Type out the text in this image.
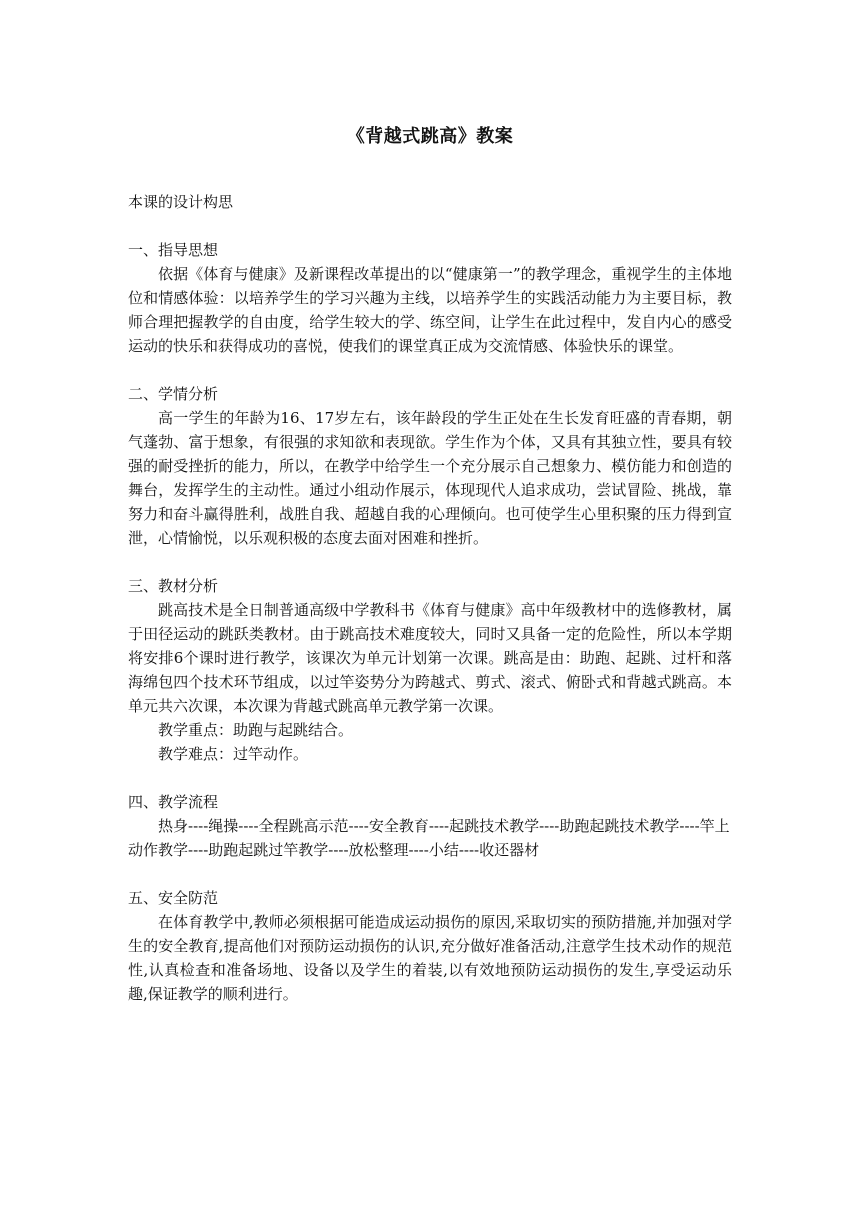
《背越式跳高》教案

本课的设计构思

一、指导思想

依据《体育与健康》及新课程改革提出的以“健康第一”的教学理念，重视学生的主体地位和情感体验：以培养学生的学习兴趣为主线，以培养学生的实践活动能力为主要目标，教师合理把握教学的自由度，给学生较大的学、练空间，让学生在此过程中，发自内心的感受运动的快乐和获得成功的喜悦，使我们的课堂真正成为交流情感、体验快乐的课堂。

二、学情分析

高一学生的年龄为16、17岁左右，该年龄段的学生正处在生长发育旺盛的青春期，朝气蓬勃、富于想象，有很强的求知欲和表现欲。学生作为个体，又具有其独立性，要具有较强的耐受挫折的能力，所以，在教学中给学生一个充分展示自己想象力、模仿能力和创造的舞台，发挥学生的主动性。通过小组动作展示，体现现代人追求成功，尝试冒险、挑战，靠努力和奋斗赢得胜利，战胜自我、超越自我的心理倾向。也可使学生心里积聚的压力得到宣泄，心情愉悦，以乐观积极的态度去面对困难和挫折。

三、教材分析

跳高技术是全日制普通高级中学教科书《体育与健康》高中年级教材中的选修教材，属于田径运动的跳跃类教材。由于跳高技术难度较大，同时又具备一定的危险性，所以本学期将安排6个课时进行教学，该课次为单元计划第一次课。跳高是由：助跑、起跳、过杆和落海绵包四个技术环节组成，以过竿姿势分为跨越式、剪式、滚式、俯卧式和背越式跳高。本单元共六次课，本次课为背越式跳高单元教学第一次课。

教学重点：助跑与起跳结合。

教学难点：过竿动作。

四、教学流程

热身----绳操----全程跳高示范----安全教育----起跳技术教学----助跑起跳技术教学----竿上动作教学----助跑起跳过竿教学----放松整理----小结----收还器材

五、安全防范

在体育教学中,教师必须根据可能造成运动损伤的原因,采取切实的预防措施,并加强对学生的安全教育,提高他们对预防运动损伤的认识,充分做好准备活动,注意学生技术动作的规范性,认真检查和准备场地、设备以及学生的着装,以有效地预防运动损伤的发生,享受运动乐趣,保证教学的顺利进行。
